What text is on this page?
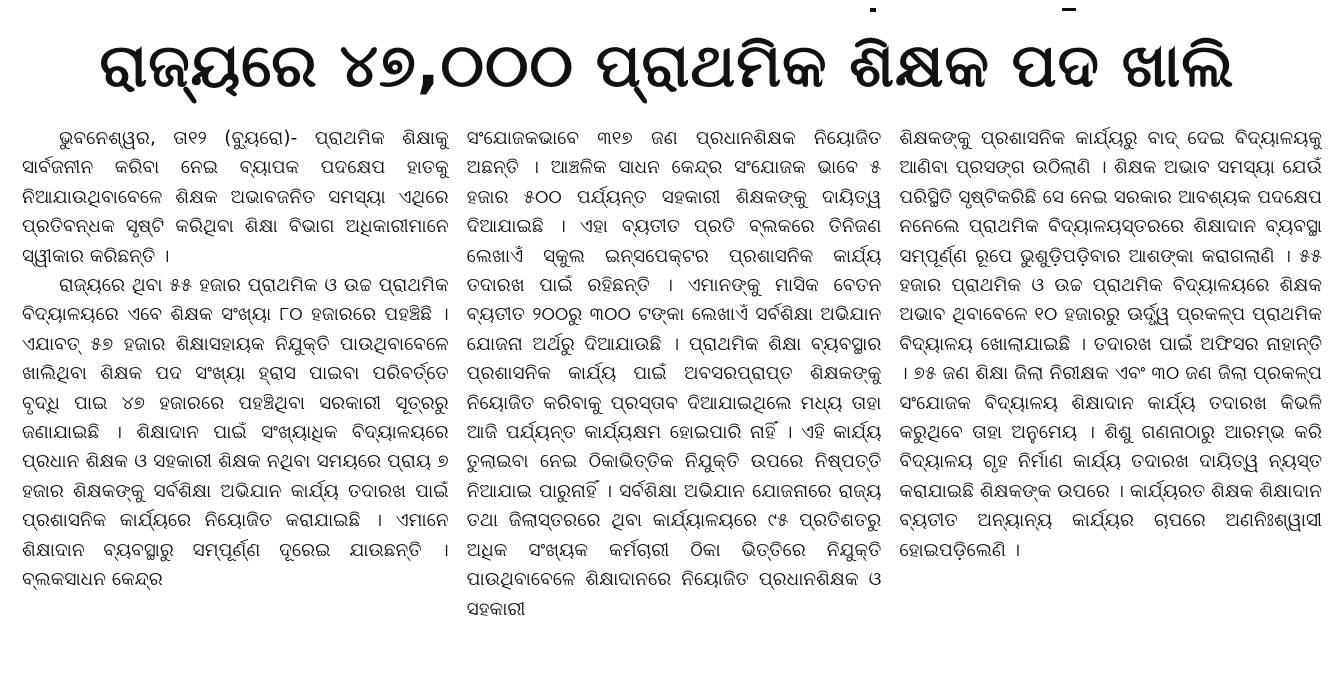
ରାଜ୍ୟରେ ୪୭,୦୦୦ ପ୍ରାଥମିକ ଶିକ୍ଷକ ପଦ ଖାଲି

ଭୁବନେଶ୍ୱର, ତା୧୨ (ବ୍ୟୁରୋ)- ପ୍ରାଥମିକ ଶିକ୍ଷାକୁ ସାର୍ବଜନୀନ କରିବା ନେଇ ବ୍ୟାପକ ପଦକ୍ଷେପ ହାତକୁ ନିଆଯାଉଥିବାବେଳେ ଶିକ୍ଷକ ଅଭାବଜନିତ ସମସ୍ୟା ଏଥିରେ ପ୍ରତିବନ୍ଧକ ସୃଷ୍ଟି କରିଥିବା ଶିକ୍ଷା ବିଭାଗ ଅଧିକାରୀମାନେ ସ୍ୱୀକାର କରିଛନ୍ତି ।

ରାଜ୍ୟରେ ଥିବା ୫୫ ହଜାର ପ୍ରାଥମିକ ଓ ଉଚ୍ଚ ପ୍ରାଥମିକ ବିଦ୍ୟାଳୟରେ ଏବେ ଶିକ୍ଷକ ସଂଖ୍ୟା ୮୦ ହଜାରରେ ପହଞ୍ଚିଛି । ଏଯାବତ୍ ୫୭ ହଜାର ଶିକ୍ଷାସହାୟକ ନିଯୁକ୍ତି ପାଉଥିବାବେଳେ ଖାଲିଥିବା ଶିକ୍ଷକ ପଦ ସଂଖ୍ୟା ହ୍ରାସ ପାଇବା ପରିବର୍ତ୍ତେ ବୃଦ୍ଧି ପାଇ ୪୭ ହଜାରରେ ପହଞ୍ଚିଥିବା ସରକାରୀ ସୂତ୍ରରୁ ଜଣାଯାଇଛି । ଶିକ୍ଷାଦାନ ପାଇଁ ସଂଖ୍ୟାଧିକ ବିଦ୍ୟାଳୟରେ ପ୍ରଧାନ ଶିକ୍ଷକ ଓ ସହକାରୀ ଶିକ୍ଷକ ନଥିବା ସମୟରେ ପ୍ରାୟ ୭ ହଜାର ଶିକ୍ଷକଙ୍କୁ ସର୍ବଶିକ୍ଷା ଅଭିଯାନ କାର୍ଯ୍ୟ ତଦାରଖ ପାଇଁ ପ୍ରଶାସନିକ କାର୍ଯ୍ୟରେ ନିୟୋଜିତ କରାଯାଇଛି । ଏମାନେ ଶିକ୍ଷାଦାନ ବ୍ୟବସ୍ଥାରୁ ସମ୍ପୂର୍ଣ୍ଣ ଦୂରେଇ ଯାଉଛନ୍ତି । ବ୍ଲକସାଧନ କେନ୍ଦ୍ର

ସଂଯୋଜକଭାବେ ୩୧୭ ଜଣ ପ୍ରଧାନଶିକ୍ଷକ ନିୟୋଜିତ ଅଛନ୍ତି । ଆଞ୍ଚଳିକ ସାଧନ କେନ୍ଦ୍ର ସଂଯୋଜକ ଭାବେ ୫ ହଜାର ୫୦୦ ପର୍ଯ୍ୟନ୍ତ ସହକାରୀ ଶିକ୍ଷକଙ୍କୁ ଦାୟିତ୍ୱ ଦିଆଯାଇଛି । ଏହା ବ୍ୟତୀତ ପ୍ରତି ବ୍ଲକରେ ତିନିଜଣ ଲେଖାଏଁ ସ୍କୁଲ ଇନ୍ସପେକ୍ଟର ପ୍ରଶାସନିକ କାର୍ଯ୍ୟ ତଦାରଖ ପାଇଁ ରହିଛନ୍ତି । ଏମାନଙ୍କୁ ମାସିକ ବେତନ ବ୍ୟତୀତ ୨୦୦ରୁ ୩୦୦ ଟଙ୍କା ଲେଖାଏଁ ସର୍ବଶିକ୍ଷା ଅଭିଯାନ ଯୋଜନା ଅର୍ଥରୁ ଦିଆଯାଉଛି । ପ୍ରାଥମିକ ଶିକ୍ଷା ବ୍ୟବସ୍ଥାର ପ୍ରଶାସନିକ କାର୍ଯ୍ୟ ପାଇଁ ଅବସରପ୍ରାପ୍ତ ଶିକ୍ଷକଙ୍କୁ ନିୟୋଜିତ କରିବାକୁ ପ୍ରସ୍ତାବ ଦିଆଯାଇଥିଲେ ମଧ୍ୟ ତାହା ଆଜି ପର୍ଯ୍ୟନ୍ତ କାର୍ଯ୍ୟକ୍ଷମ ହୋଇପାରି ନାହିଁ । ଏହି କାର୍ଯ୍ୟ ତୁଲାଇବା ନେଇ ଠିକାଭିତ୍ତିକ ନିଯୁକ୍ତି ଉପରେ ନିଷ୍ପତ୍ତି ନିଆଯାଇ ପାରୁନାହିଁ । ସର୍ବଶିକ୍ଷା ଅଭିଯାନ ଯୋଜନାରେ ରାଜ୍ୟ ତଥା ଜିଲାସ୍ତରରେ ଥିବା କାର୍ଯ୍ୟାଳୟରେ ୯୫ ପ୍ରତିଶତରୁ ଅଧିକ ସଂଖ୍ୟକ କର୍ମଚାରୀ ଠିକା ଭିତ୍ତିରେ ନିଯୁକ୍ତି ପାଉଥିବାବେଳେ ଶିକ୍ଷାଦାନରେ ନିୟୋଜିତ ପ୍ରଧାନଶିକ୍ଷକ ଓ ସହକାରୀ

ଶିକ୍ଷକଙ୍କୁ ପ୍ରଶାସନିକ କାର୍ଯ୍ୟରୁ ବାଦ୍ ଦେଇ ବିଦ୍ୟାଳୟକୁ ଆଣିବା ପ୍ରସଙ୍ଗ ଉଠିଲାଣି । ଶିକ୍ଷକ ଅଭାବ ସମସ୍ୟା ଯେଉଁ ପରିସ୍ଥିତି ସୃଷ୍ଟିକରିଛି ସେ ନେଇ ସରକାର ଆବଶ୍ୟକ ପଦକ୍ଷେପ ନନେଲେ ପ୍ରାଥମିକ ବିଦ୍ୟାଳୟସ୍ତରରେ ଶିକ୍ଷାଦାନ ବ୍ୟବସ୍ଥା ସମ୍ପୂର୍ଣ୍ଣ ରୂପେ ଭୁଶୁଡ଼ିପଡ଼ିବାର ଆଶଙ୍କା କରାଗଲାଣି । ୫୫ ହଜାର ପ୍ରାଥମିକ ଓ ଉଚ୍ଚ ପ୍ରାଥମିକ ବିଦ୍ୟାଳୟରେ ଶିକ୍ଷକ ଅଭାବ ଥିବାବେଳେ ୧୦ ହଜାରରୁ ଊର୍ଦ୍ଧ୍ୱ ପ୍ରକଳ୍ପ ପ୍ରାଥମିକ ବିଦ୍ୟାଳୟ ଖୋଲାଯାଇଛି । ତଦାରଖ ପାଇଁ ଅଫିସର ନାହାନ୍ତି । ୭୫ ଜଣ ଶିକ୍ଷା ଜିଲା ନିରୀକ୍ଷକ ଏବଂ ୩୦ ଜଣ ଜିଲା ପ୍ରକଳ୍ପ ସଂଯୋଜକ ବିଦ୍ୟାଳୟ ଶିକ୍ଷାଦାନ କାର୍ଯ୍ୟ ତଦାରଖ କିଭଳି କରୁଥିବେ ତାହା ଅନୁମେୟ । ଶିଶୁ ଗଣନାଠାରୁ ଆରମ୍ଭ କରି ବିଦ୍ୟାଳୟ ଗୃହ ନିର୍ମାଣ କାର୍ଯ୍ୟ ତଦାରଖ ଦାୟିତ୍ୱ ନ୍ୟସ୍ତ କରାଯାଇଛି ଶିକ୍ଷକଙ୍କ ଉପରେ । କାର୍ଯ୍ୟରତ ଶିକ୍ଷକ ଶିକ୍ଷାଦାନ ବ୍ୟତୀତ ଅନ୍ୟାନ୍ୟ କାର୍ଯ୍ୟର ଚାପରେ ଅଣନିଃଶ୍ୱାସୀ ହୋଇପଡ଼ିଲେଣି ।
